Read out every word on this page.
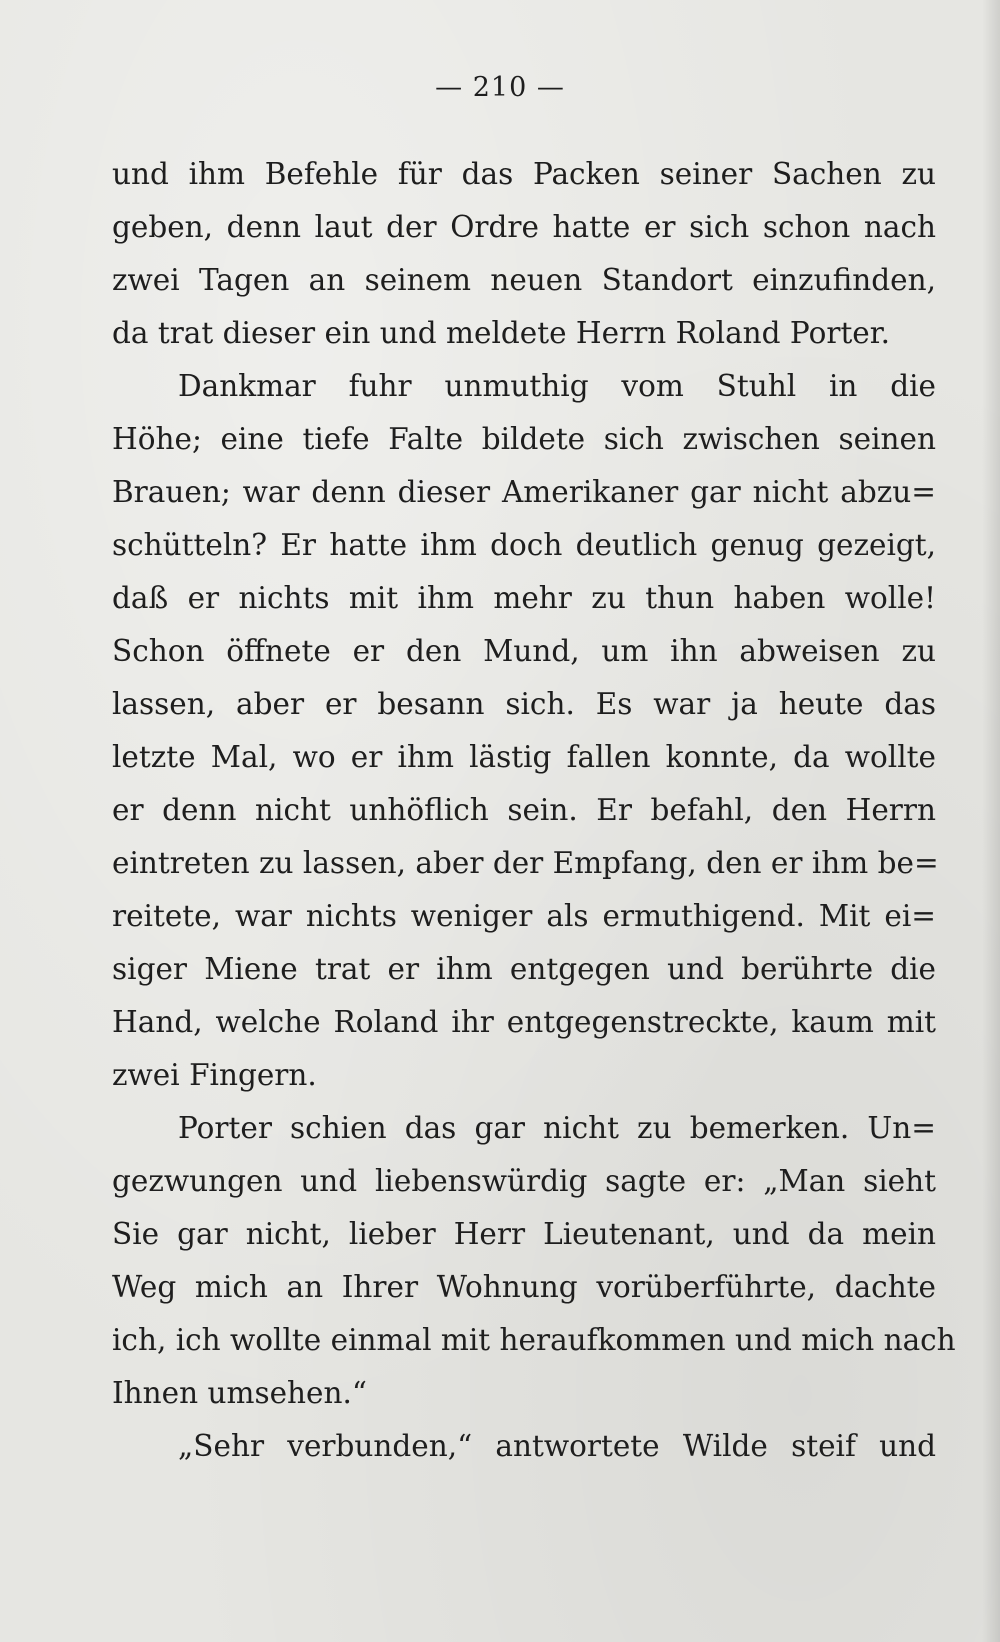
— 210 —
und ihm Befehle für das Packen seiner Sachen zu
geben, denn laut der Ordre hatte er sich schon nach
zwei Tagen an seinem neuen Standort einzufinden,
da trat dieser ein und meldete Herrn Roland Porter.
Dankmar fuhr unmuthig vom Stuhl in die
Höhe; eine tiefe Falte bildete sich zwischen seinen
Brauen; war denn dieser Amerikaner gar nicht abzu=
schütteln? Er hatte ihm doch deutlich genug gezeigt,
daß er nichts mit ihm mehr zu thun haben wolle!
Schon öffnete er den Mund, um ihn abweisen zu
lassen, aber er besann sich. Es war ja heute das
letzte Mal, wo er ihm lästig fallen konnte, da wollte
er denn nicht unhöflich sein. Er befahl, den Herrn
eintreten zu lassen, aber der Empfang, den er ihm be=
reitete, war nichts weniger als ermuthigend. Mit ei=
siger Miene trat er ihm entgegen und berührte die
Hand, welche Roland ihr entgegenstreckte, kaum mit
zwei Fingern.
Porter schien das gar nicht zu bemerken. Un=
gezwungen und liebenswürdig sagte er: „Man sieht
Sie gar nicht, lieber Herr Lieutenant, und da mein
Weg mich an Ihrer Wohnung vorüberführte, dachte
ich, ich wollte einmal mit heraufkommen und mich nach
Ihnen umsehen.“
„Sehr verbunden,“ antwortete Wilde steif und
